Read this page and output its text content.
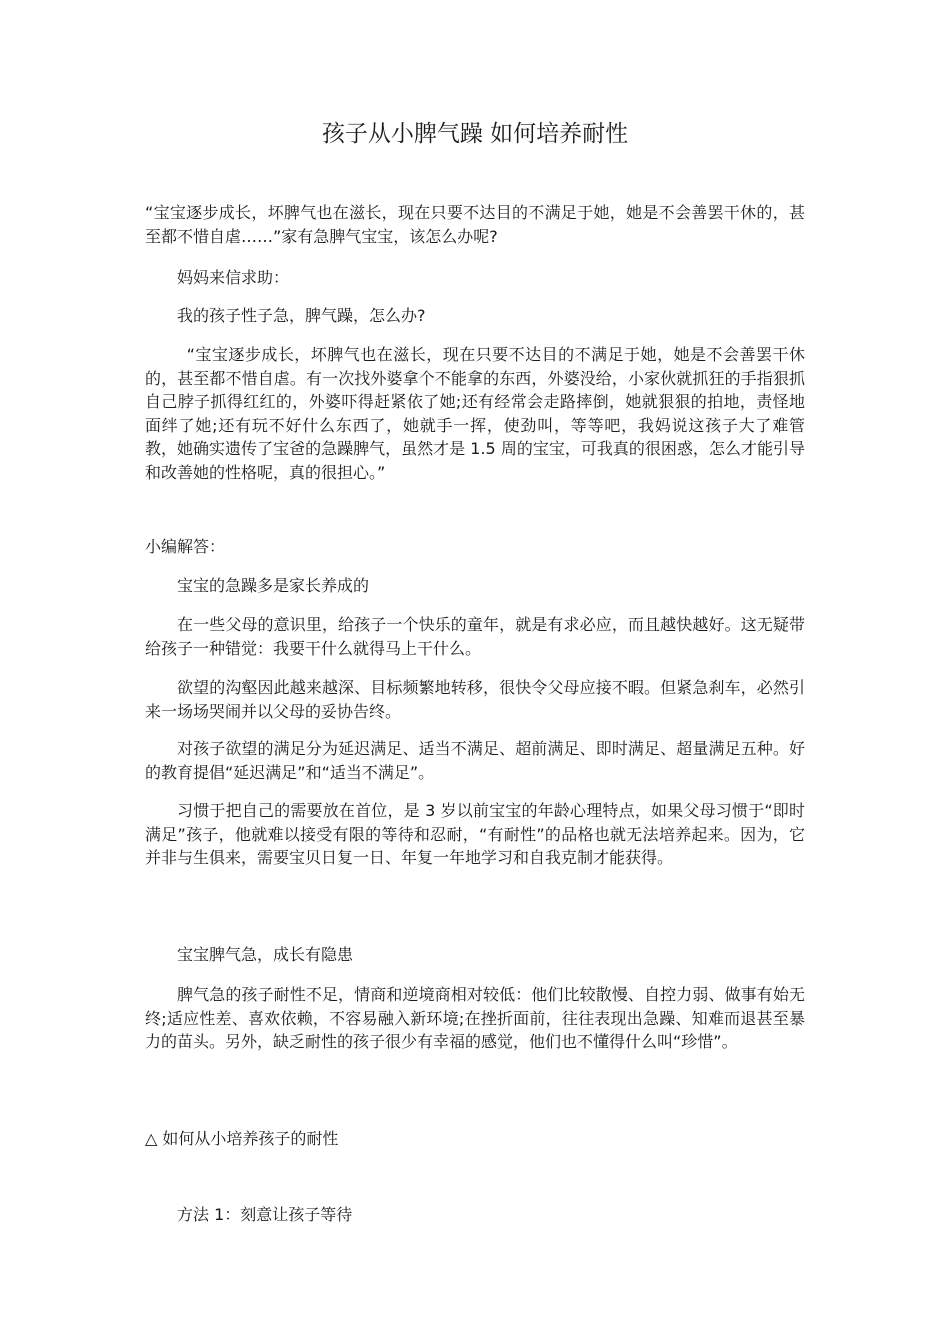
孩子从小脾气躁 如何培养耐性

“宝宝逐步成长，坏脾气也在滋长，现在只要不达目的不满足于她，她是不会善罢干休的，甚至都不惜自虐……”家有急脾气宝宝，该怎么办呢?

妈妈来信求助：

我的孩子性子急，脾气躁，怎么办?

“宝宝逐步成长，坏脾气也在滋长，现在只要不达目的不满足于她，她是不会善罢干休的，甚至都不惜自虐。有一次找外婆拿个不能拿的东西，外婆没给，小家伙就抓狂的手指狠抓自己脖子抓得红红的，外婆吓得赶紧依了她;还有经常会走路摔倒，她就狠狠的拍地，责怪地面绊了她;还有玩不好什么东西了，她就手一挥，使劲叫，等等吧，我妈说这孩子大了难管教，她确实遗传了宝爸的急躁脾气，虽然才是 1.5 周的宝宝，可我真的很困惑，怎么才能引导和改善她的性格呢，真的很担心。”

小编解答：

宝宝的急躁多是家长养成的

在一些父母的意识里，给孩子一个快乐的童年，就是有求必应，而且越快越好。这无疑带给孩子一种错觉：我要干什么就得马上干什么。

欲望的沟壑因此越来越深、目标频繁地转移，很快令父母应接不暇。但紧急刹车，必然引来一场场哭闹并以父母的妥协告终。

对孩子欲望的满足分为延迟满足、适当不满足、超前满足、即时满足、超量满足五种。好的教育提倡“延迟满足”和“适当不满足”。

习惯于把自己的需要放在首位，是 3 岁以前宝宝的年龄心理特点，如果父母习惯于“即时满足”孩子，他就难以接受有限的等待和忍耐，“有耐性”的品格也就无法培养起来。因为，它并非与生俱来，需要宝贝日复一日、年复一年地学习和自我克制才能获得。

宝宝脾气急，成长有隐患

脾气急的孩子耐性不足，情商和逆境商相对较低：他们比较散慢、自控力弱、做事有始无终;适应性差、喜欢依赖，不容易融入新环境;在挫折面前，往往表现出急躁、知难而退甚至暴力的苗头。另外，缺乏耐性的孩子很少有幸福的感觉，他们也不懂得什么叫“珍惜”。

△ 如何从小培养孩子的耐性

方法 1：刻意让孩子等待
